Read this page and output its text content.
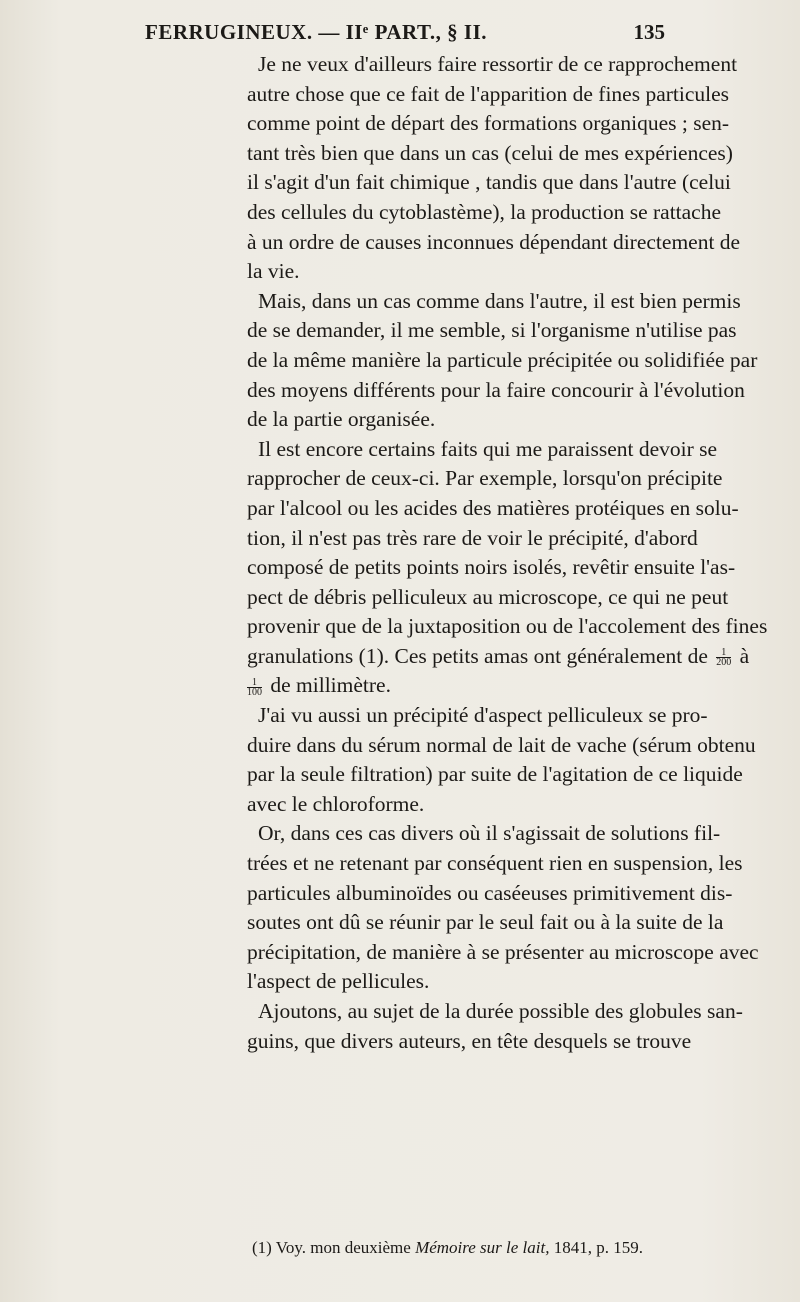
FERRUGINEUX. — IIᵉ PART., § II.	135
Je ne veux d'ailleurs faire ressortir de ce rapprochement
autre chose que ce fait de l'apparition de fines particules
comme point de départ des formations organiques ; sen-
tant très bien que dans un cas (celui de mes expériences)
il s'agit d'un fait chimique , tandis que dans l'autre (celui
des cellules du cytoblastème), la production se rattache
à un ordre de causes inconnues dépendant directement de
la vie.
Mais, dans un cas comme dans l'autre, il est bien permis
de se demander, il me semble, si l'organisme n'utilise pas
de la même manière la particule précipitée ou solidifiée par
des moyens différents pour la faire concourir à l'évolution
de la partie organisée.
Il est encore certains faits qui me paraissent devoir se
rapprocher de ceux-ci. Par exemple, lorsqu'on précipite
par l'alcool ou les acides des matières protéiques en solu-
tion, il n'est pas très rare de voir le précipité, d'abord
composé de petits points noirs isolés, revêtir ensuite l'as-
pect de débris pelliculeux au microscope, ce qui ne peut
provenir que de la juxtaposition ou de l'accolement des fines
granulations (1). Ces petits amas ont généralement de $\frac{1}{200}$ à
$\frac{1}{100}$ de millimètre.
J'ai vu aussi un précipité d'aspect pelliculeux se pro-
duire dans du sérum normal de lait de vache (sérum obtenu
par la seule filtration) par suite de l'agitation de ce liquide
avec le chloroforme.
Or, dans ces cas divers où il s'agissait de solutions fil-
trées et ne retenant par conséquent rien en suspension, les
particules albuminoïdes ou caséeuses primitivement dis-
soutes ont dû se réunir par le seul fait ou à la suite de la
précipitation, de manière à se présenter au microscope avec
l'aspect de pellicules.
Ajoutons, au sujet de la durée possible des globules san-
guins, que divers auteurs, en tête desquels se trouve
(1) Voy. mon deuxième Mémoire sur le lait, 1841, p. 159.
